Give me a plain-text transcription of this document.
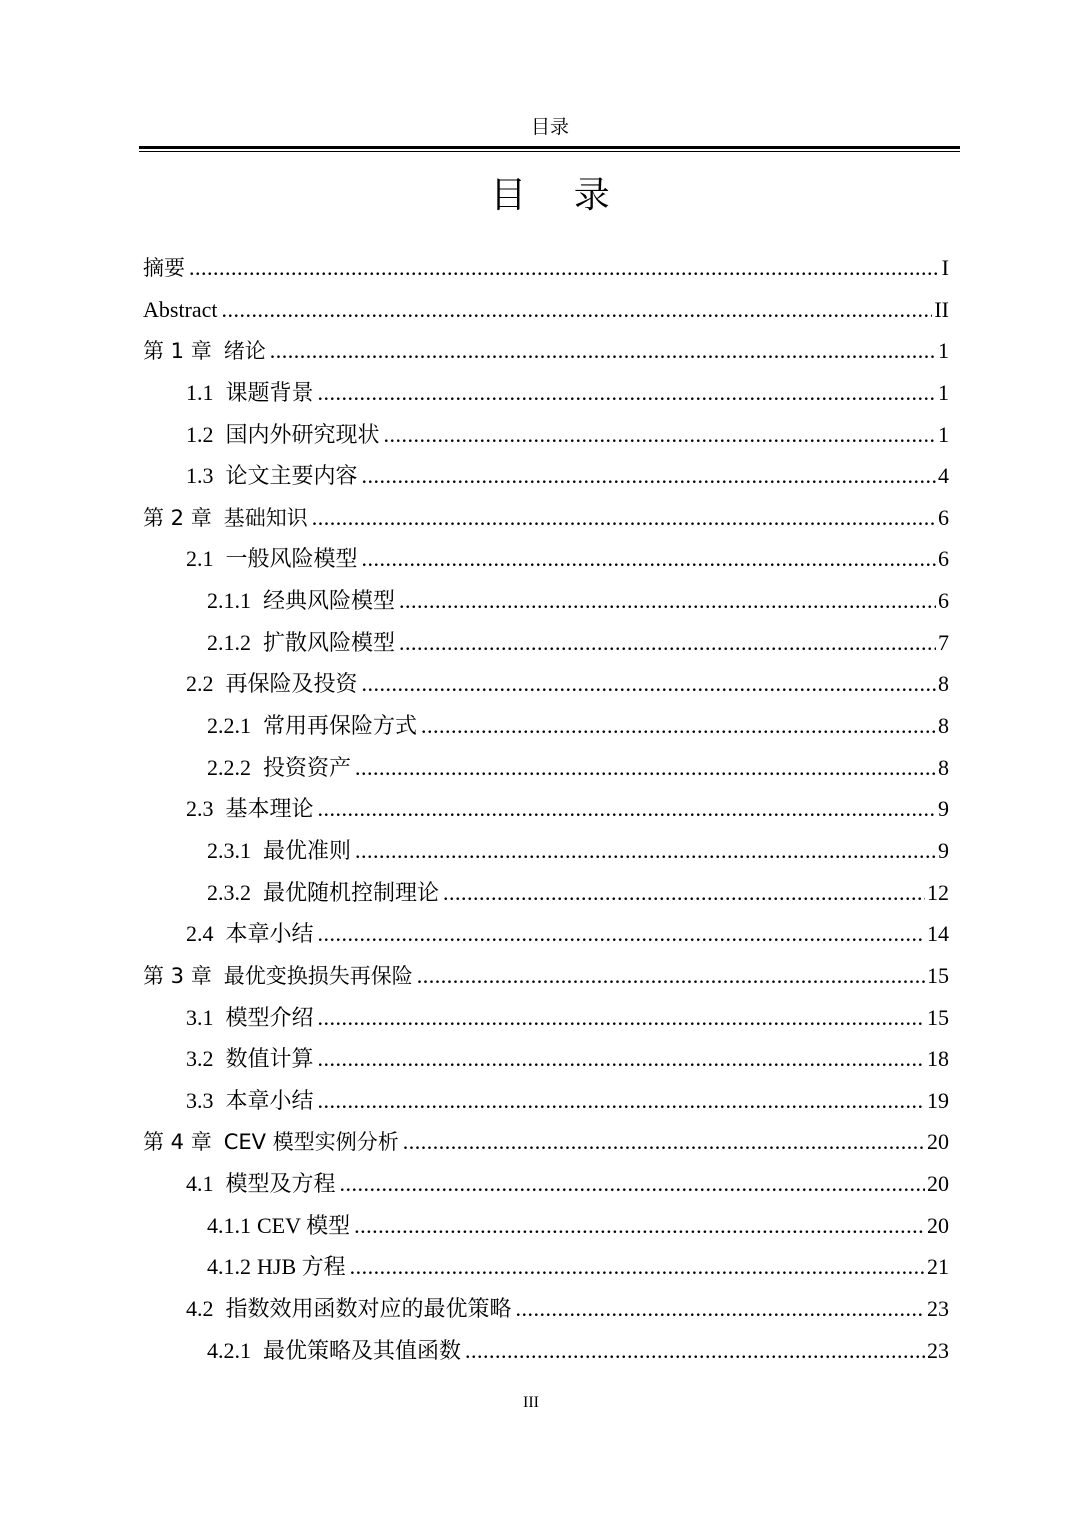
目录
目 录
摘要 .....	I
Abstract .....	II
第 1 章 绪论 .....	1
1.1 课题背景 .....	1
1.2 国内外研究现状 .....	1
1.3 论文主要内容 .....	4
第 2 章 基础知识 .....	6
2.1 一般风险模型 .....	6
2.1.1 经典风险模型 .....	6
2.1.2 扩散风险模型 .....	7
2.2 再保险及投资 .....	8
2.2.1 常用再保险方式 .....	8
2.2.2 投资资产 .....	8
2.3 基本理论 .....	9
2.3.1 最优准则 .....	9
2.3.2 最优随机控制理论 .....	12
2.4 本章小结 .....	14
第 3 章 最优变换损失再保险 .....	15
3.1 模型介绍 .....	15
3.2 数值计算 .....	18
3.3 本章小结 .....	19
第 4 章 CEV 模型实例分析 .....	20
4.1 模型及方程 .....	20
4.1.1 CEV 模型 .....	20
4.1.2 HJB 方程 .....	21
4.2 指数效用函数对应的最优策略 .....	23
4.2.1 最优策略及其值函数 .....	23
III
